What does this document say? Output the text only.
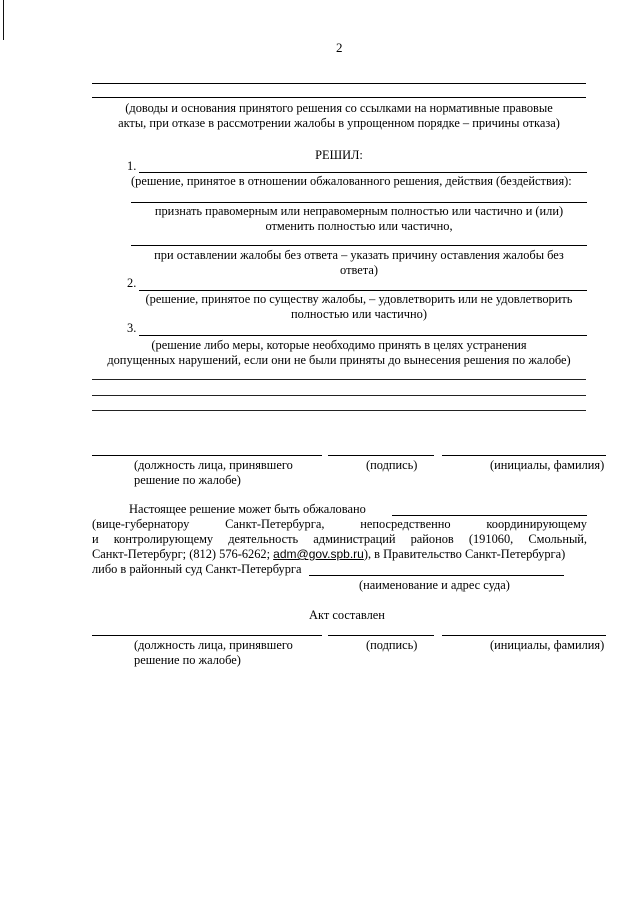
2
(доводы и основания принятого решения со ссылками на нормативные правовые
акты, при отказе в рассмотрении жалобы в упрощенном порядке – причины отказа)
РЕШИЛ:
1.
(решение, принятое в отношении обжалованного решения, действия (бездействия):
признать правомерным или неправомерным полностью или частично и (или)
отменить полностью или частично,
при оставлении жалобы без ответа – указать причину оставления жалобы без
ответа)
2.
(решение, принятое по существу жалобы, – удовлетворить или не удовлетворить
полностью или частично)
3.
(решение либо меры, которые необходимо принять в целях устранения
допущенных нарушений, если они не были приняты до вынесения решения по жалобе)
(должность лица, принявшего
решение по жалобе)
(подпись)	(инициалы, фамилия)
Настоящее решение может быть обжаловано
(вице-губернатору	Санкт-Петербурга,	непосредственно	координирующему
и контролирующему деятельность администраций районов (191060, Смольный,
Санкт-Петербург; (812) 576-6262; adm@gov.spb.ru), в Правительство Санкт-Петербурга)
либо в районный суд Санкт-Петербурга
(наименование и адрес суда)
Акт составлен
(должность лица, принявшего
решение по жалобе)
(подпись)	(инициалы, фамилия)
